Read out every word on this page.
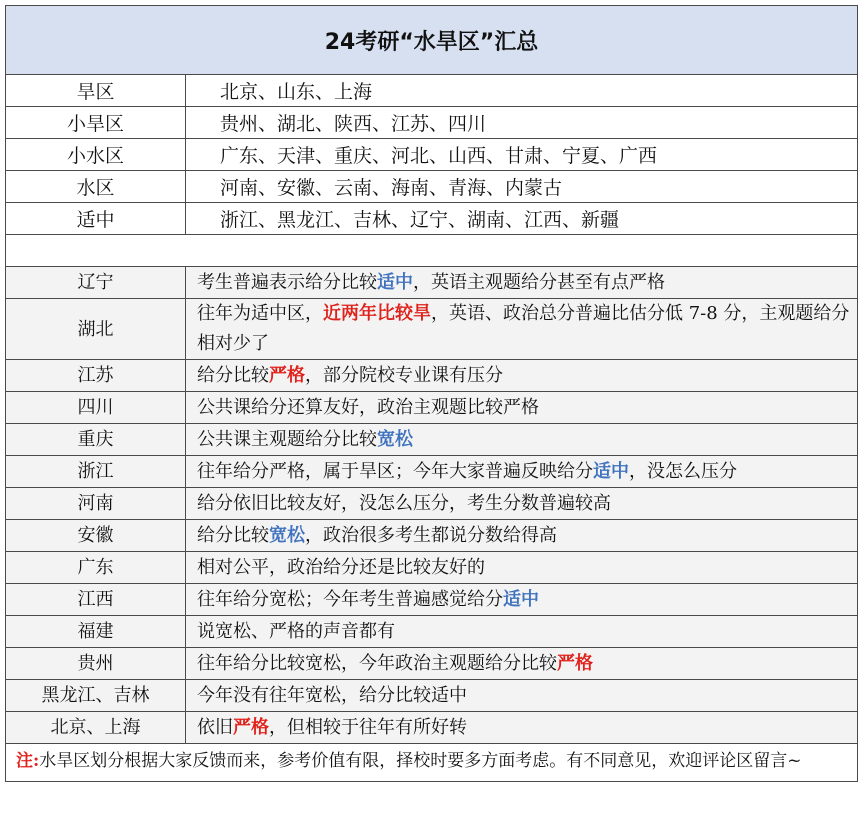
24考研“水旱区”汇总	
旱区	北京、山东、上海
小旱区	贵州、湖北、陕西、江苏、四川
小水区	广东、天津、重庆、河北、山西、甘肃、宁夏、广西
水区	河南、安徽、云南、海南、青海、内蒙古
适中	浙江、黑龙江、吉林、辽宁、湖南、江西、新疆

辽宁	考生普遍表示给分比较适中，英语主观题给分甚至有点严格
湖北	往年为适中区，近两年比较旱，英语、政治总分普遍比估分低 7-8 分，主观题给分相对少了
江苏	给分比较严格，部分院校专业课有压分
四川	公共课给分还算友好，政治主观题比较严格
重庆	公共课主观题给分比较宽松
浙江	往年给分严格，属于旱区；今年大家普遍反映给分适中，没怎么压分
河南	给分依旧比较友好，没怎么压分，考生分数普遍较高
安徽	给分比较宽松，政治很多考生都说分数给得高
广东	相对公平，政治给分还是比较友好的
江西	往年给分宽松；今年考生普遍感觉给分适中
福建	说宽松、严格的声音都有
贵州	往年给分比较宽松，今年政治主观题给分比较严格
黑龙江、吉林	今年没有往年宽松，给分比较适中
北京、上海	依旧严格，但相较于往年有所好转
注:水旱区划分根据大家反馈而来，参考价值有限，择校时要多方面考虑。有不同意见，欢迎评论区留言~	
